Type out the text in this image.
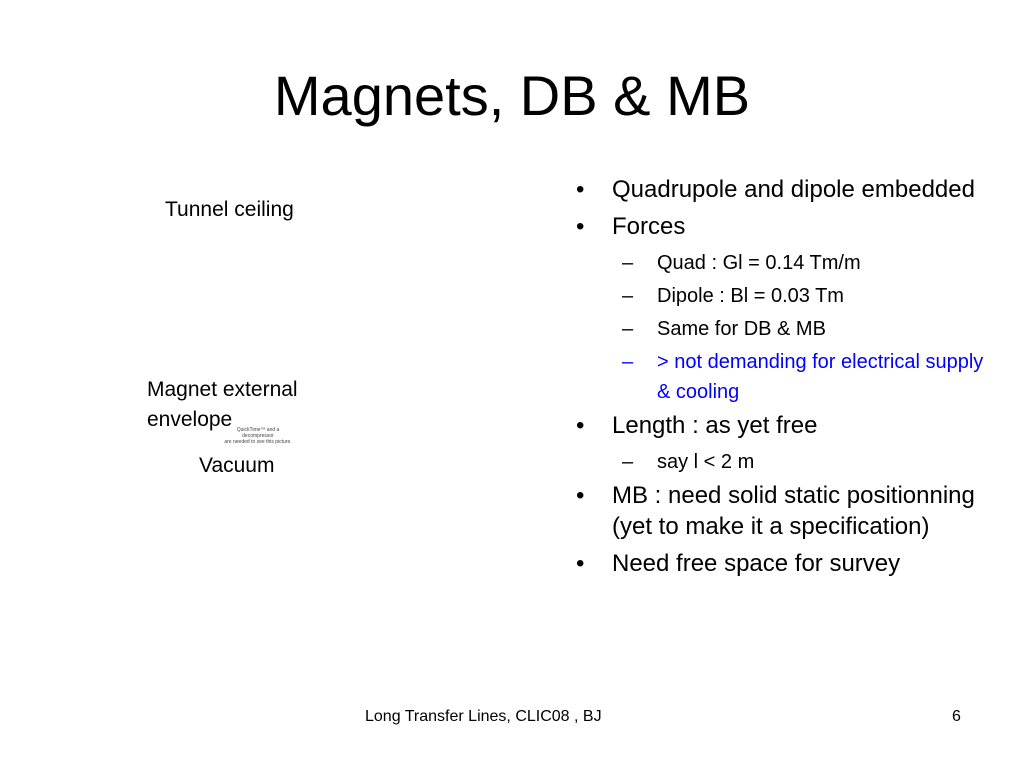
Magnets, DB & MB
Tunnel ceiling
Magnet external
envelope
Vacuum
QuickTime™ and a
decompressor
are needed to see this picture.
• Quadrupole and dipole embedded
• Forces
– Quad : Gl = 0.14 Tm/m
– Dipole : Bl = 0.03 Tm
– Same for DB & MB
– > not demanding for electrical supply & cooling
• Length : as yet free
– say l < 2 m
• MB : need solid static positionning (yet to make it a specification)
• Need free space for survey
Long Transfer Lines, CLIC08 , BJ	6
